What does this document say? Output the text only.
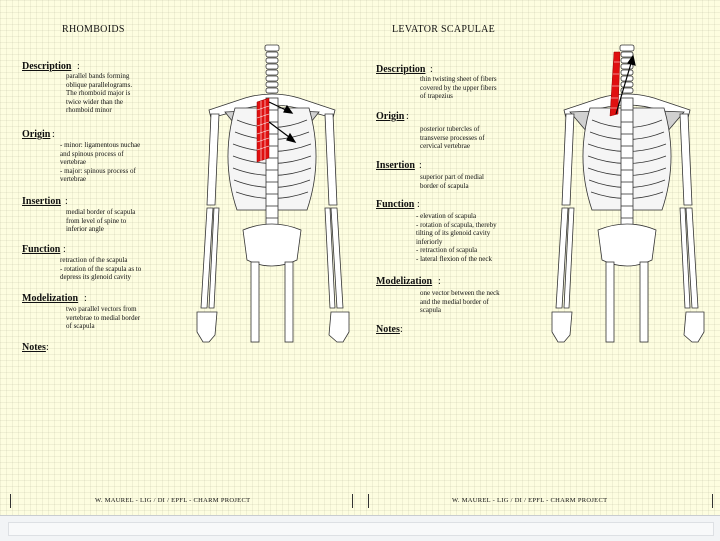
RHOMBOIDS
Description :
parallel bands forming
oblique parallelograms.
The rhomboid major is
twice wider than the
rhomboid minor
Origin :
- minor: ligamentous nuchae
and spinous process of
vertebrae
- major: spinous process of
vertebrae
Insertion :
medial border of scapula
from level of spine to
inferior angle
Function :
retraction of the scapula
- rotation of the scapula as to
depress its glenoid cavity
Modelization :
two parallel vectors from
vertebrae to medial border
of scapula
Notes :
W. MAUREL - LIG / DI / EPFL - CHARM PROJECT
LEVATOR SCAPULAE
Description :
thin twisting sheet of fibers
covered by the upper fibers
of trapezius
Origin :
posterior tubercles of
transverse processes of
cervical vertebrae
Insertion :
superior part of medial
border of scapula
Function :
- elevation of scapula
- rotation of scapula, thereby
tilting of its glenoid cavity
inferiorly
- retraction of scapula
- lateral flexion of the neck
Modelization :
one vector between the neck
and the medial border of
scapula
Notes :
W. MAUREL - LIG / DI / EPFL - CHARM PROJECT
